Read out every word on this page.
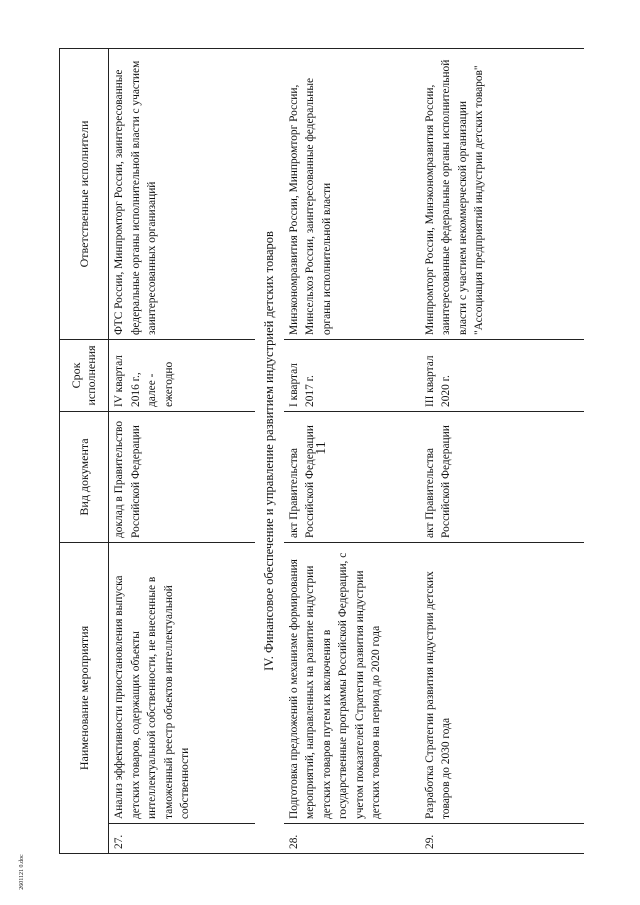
11
Наименование мероприятия		Вид документа	Срок исполнения	Ответственные исполнители
27.	Анализ эффективности приостановления выпуска детских товаров, содержащих объекты интеллектуальной собственности, не внесенные в таможенный реестр объектов интеллектуальной собственности	доклад в Правительство Российской Федерации	IV квартал 2016 г., далее - ежегодно	ФТС России, Минпромторг России, заинтересованные федеральные органы исполнительной власти с участием заинтересованных организаций
IV. Финансовое обеспечение и управление развитием индустрией детских товаров				
28.	Подготовка предложений о механизме формирования мероприятий, направленных на развитие индустрии детских товаров путем их включения в государственные программы Российской Федерации, с учетом показателей Стратегии развития индустрии детских товаров на период до 2020 года	акт Правительства Российской Федерации	I квартал 2017 г.	Минэкономразвития России, Минпромторг России, Минсельхоз России, заинтересованные федеральные органы исполнительной власти
29.	Разработка Стратегии развития индустрии детских товаров до 2030 года	акт Правительства Российской Федерации	III квартал 2020 г.	Минпромторг России, Минэкономразвития России, заинтересованные федеральные органы исполнительной власти с участием некоммерческой организации "Ассоциация предприятий индустрии детских товаров"
2601121 0.doc
